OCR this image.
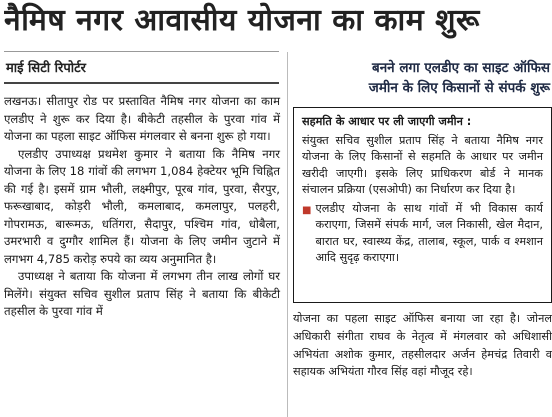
नैमिष नगर आवासीय योजना का काम शुरू
माई सिटी रिपोर्टर

लखनऊ। सीतापुर रोड पर प्रस्तावित नैमिष नगर योजना का काम एलडीए ने शुरू कर दिया है। बीकेटी तहसील के पुरवा गांव में योजना का पहला साइट ऑफिस मंगलवार से बनना शुरू हो गया।

एलडीए उपाध्यक्ष प्रथमेश कुमार ने बताया कि नैमिष नगर योजना के लिए 18 गांवों की लगभग 1,084 हेक्टेयर भूमि चिह्नित की गई है। इसमें ग्राम भौली, लक्ष्मीपुर, पूरब गांव, पुरवा, सैरपुर, फरूखाबाद, कोड़री भौली, कमलाबाद, कमलापुर, पलहरी, गोपरामऊ, बारूमऊ, धतिंगरा, सैदापुर, पश्चिम गांव, धोबैला, उमरभारी व दुग्गौर शामिल हैं। योजना के लिए जमीन जुटाने में लगभग 4,785 करोड़ रुपये का व्यय अनुमानित है।

उपाध्यक्ष ने बताया कि योजना में लगभग तीन लाख लोगों घर मिलेंगे। संयुक्त सचिव सुशील प्रताप सिंह ने बताया कि बीकेटी तहसील के पुरवा गांव में

बनने लगा एलडीए का साइट ऑफिस
जमीन के लिए किसानों से संपर्क शुरू

सहमति के आधार पर ली जाएगी जमीन :

संयुक्त सचिव सुशील प्रताप सिंह ने बताया नैमिष नगर योजना के लिए किसानों से सहमति के आधार पर जमीन खरीदी जाएगी। इसके लिए प्राधिकरण बोर्ड ने मानक संचालन प्रक्रिया (एसओपी) का निर्धारण कर दिया है।

■ एलडीए योजना के साथ गांवों में भी विकास कार्य कराएगा, जिसमें संपर्क मार्ग, जल निकासी, खेल मैदान, बारात घर, स्वास्थ्य केंद्र, तालाब, स्कूल, पार्क व श्मशान आदि सुदृढ़ कराएगा।

योजना का पहला साइट ऑफिस बनाया जा रहा है। जोनल अधिकारी संगीता राघव के नेतृत्व में मंगलवार को अधिशासी अभियंता अशोक कुमार, तहसीलदार अर्जन हेमचंद्र तिवारी व सहायक अभियंता गौरव सिंह वहां मौजूद रहे।
